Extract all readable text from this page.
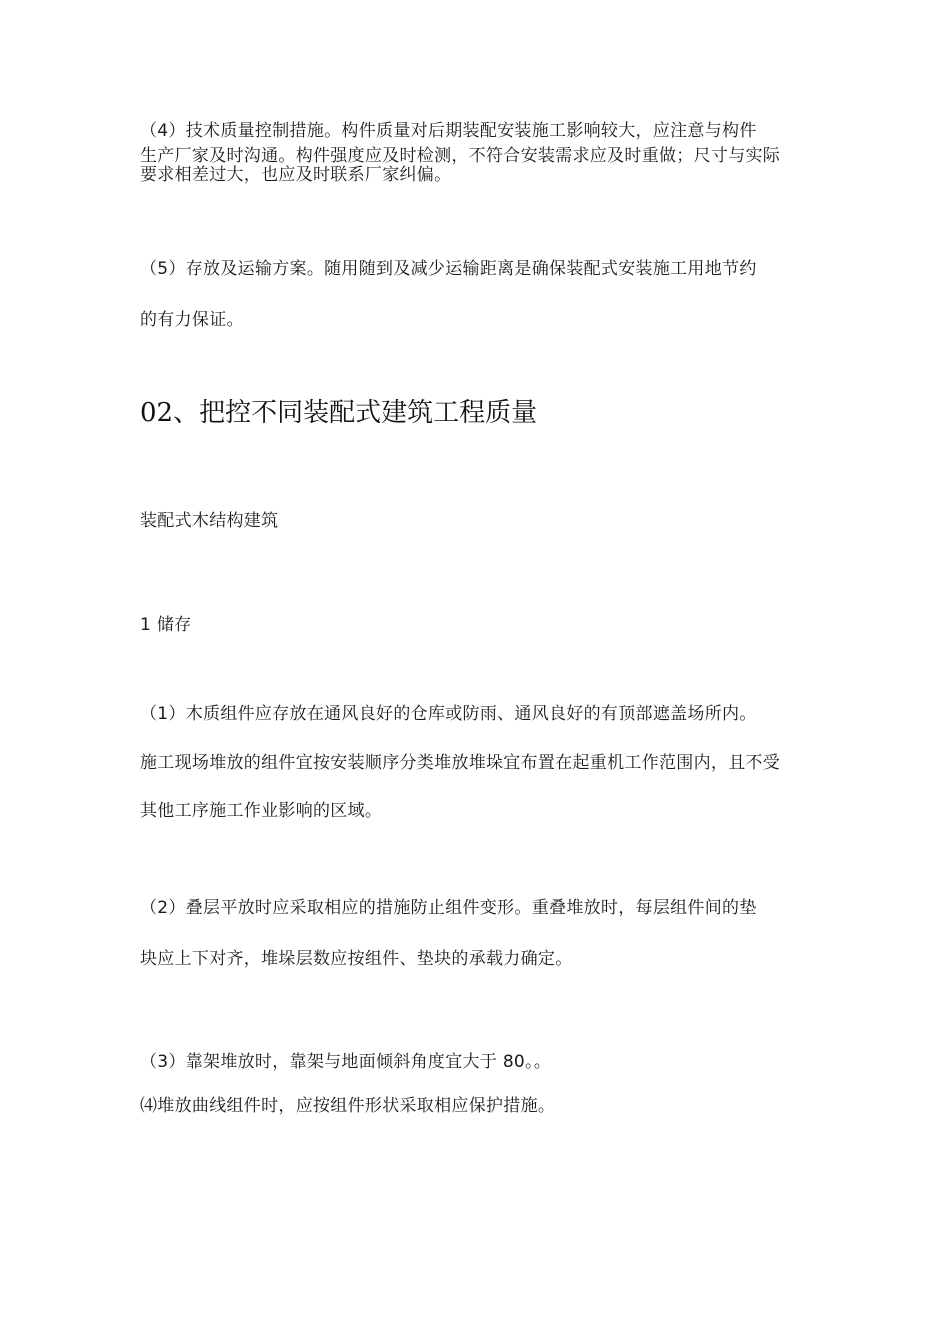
（4）技术质量控制措施。构件质量对后期装配安装施工影响较大，应注意与构件
生产厂家及时沟通。构件强度应及时检测，不符合安装需求应及时重做；尺寸与实际
要求相差过大，也应及时联系厂家纠偏。
（5）存放及运输方案。随用随到及减少运输距离是确保装配式安装施工用地节约
的有力保证。
02、把控不同装配式建筑工程质量
装配式木结构建筑
1 储存
（1）木质组件应存放在通风良好的仓库或防雨、通风良好的有顶部遮盖场所内。
施工现场堆放的组件宜按安装顺序分类堆放堆垛宜布置在起重机工作范围内，且不受
其他工序施工作业影响的区域。
（2）叠层平放时应采取相应的措施防止组件变形。重叠堆放时，每层组件间的垫
块应上下对齐，堆垛层数应按组件、垫块的承载力确定。
（3）靠架堆放时，靠架与地面倾斜角度宜大于 80。。
⑷堆放曲线组件时，应按组件形状采取相应保护措施。
